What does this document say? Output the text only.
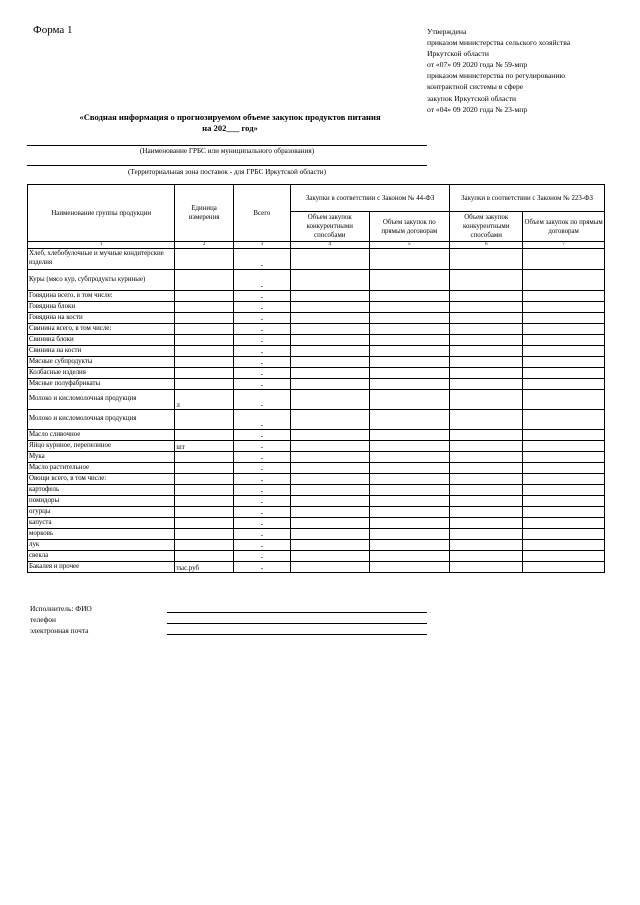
Форма 1	Утверждена
приказом министерства сельского хозяйства
Иркутской области
от «07» 09 2020 года № 59-мпр
приказом министерства по регулированию
контрактной системы в сфере
закупок Иркутской области
от «04» 09 2020 года № 23-мпр
«Сводная информация о прогнозируемом объеме закупок продуктов питания
на 202___ год»
(Наименование ГРБС или муниципального образования)
(Территориальная зона поставок - для ГРБС Иркутской области)
Наименование группы продукции	Единица измерения	Всего	Закупки в соответствии с Законом № 44-ФЗ		Закупки в соответствии с Законом № 223-ФЗ	
			Объем закупок конкурентными способами	Объем закупок по прямым договорам	Объем закупок конкурентными способами	Объем закупок по прямым договорам
1	2	3	4	5	6	7
Хлеб, хлебобулочные и мучные кондитерские изделия		-				
Куры (мясо кур, субпродукты куриные)		-				
Говядина всего, в том числе:		-				
Говядина блоки		-				
Говядина на кости		-				
Свинина всего, в том числе:		-				
Свинина блоки		-				
Свинина на кости		-				
Мясные субпродукты		-				
Колбасные изделия		-				
Мясные полуфабрикаты		-				
Молоко и кисломолочная продукция	л	-				
Молоко и кисломолочная продукция		-				
Масло сливочное		-				
Яйцо куриное, перепелиное	шт	-				
Мука		-				
Масло растительное		-				
Овощи всего, в том числе:		-				
картофель		-				
помидоры		-				
огурцы		-				
капуста		-				
морковь		-				
лук		-				
свекла		-				
Бакалея и прочее	тыс.руб	-				
Исполнитель: ФИО
телефон
электронная почта
